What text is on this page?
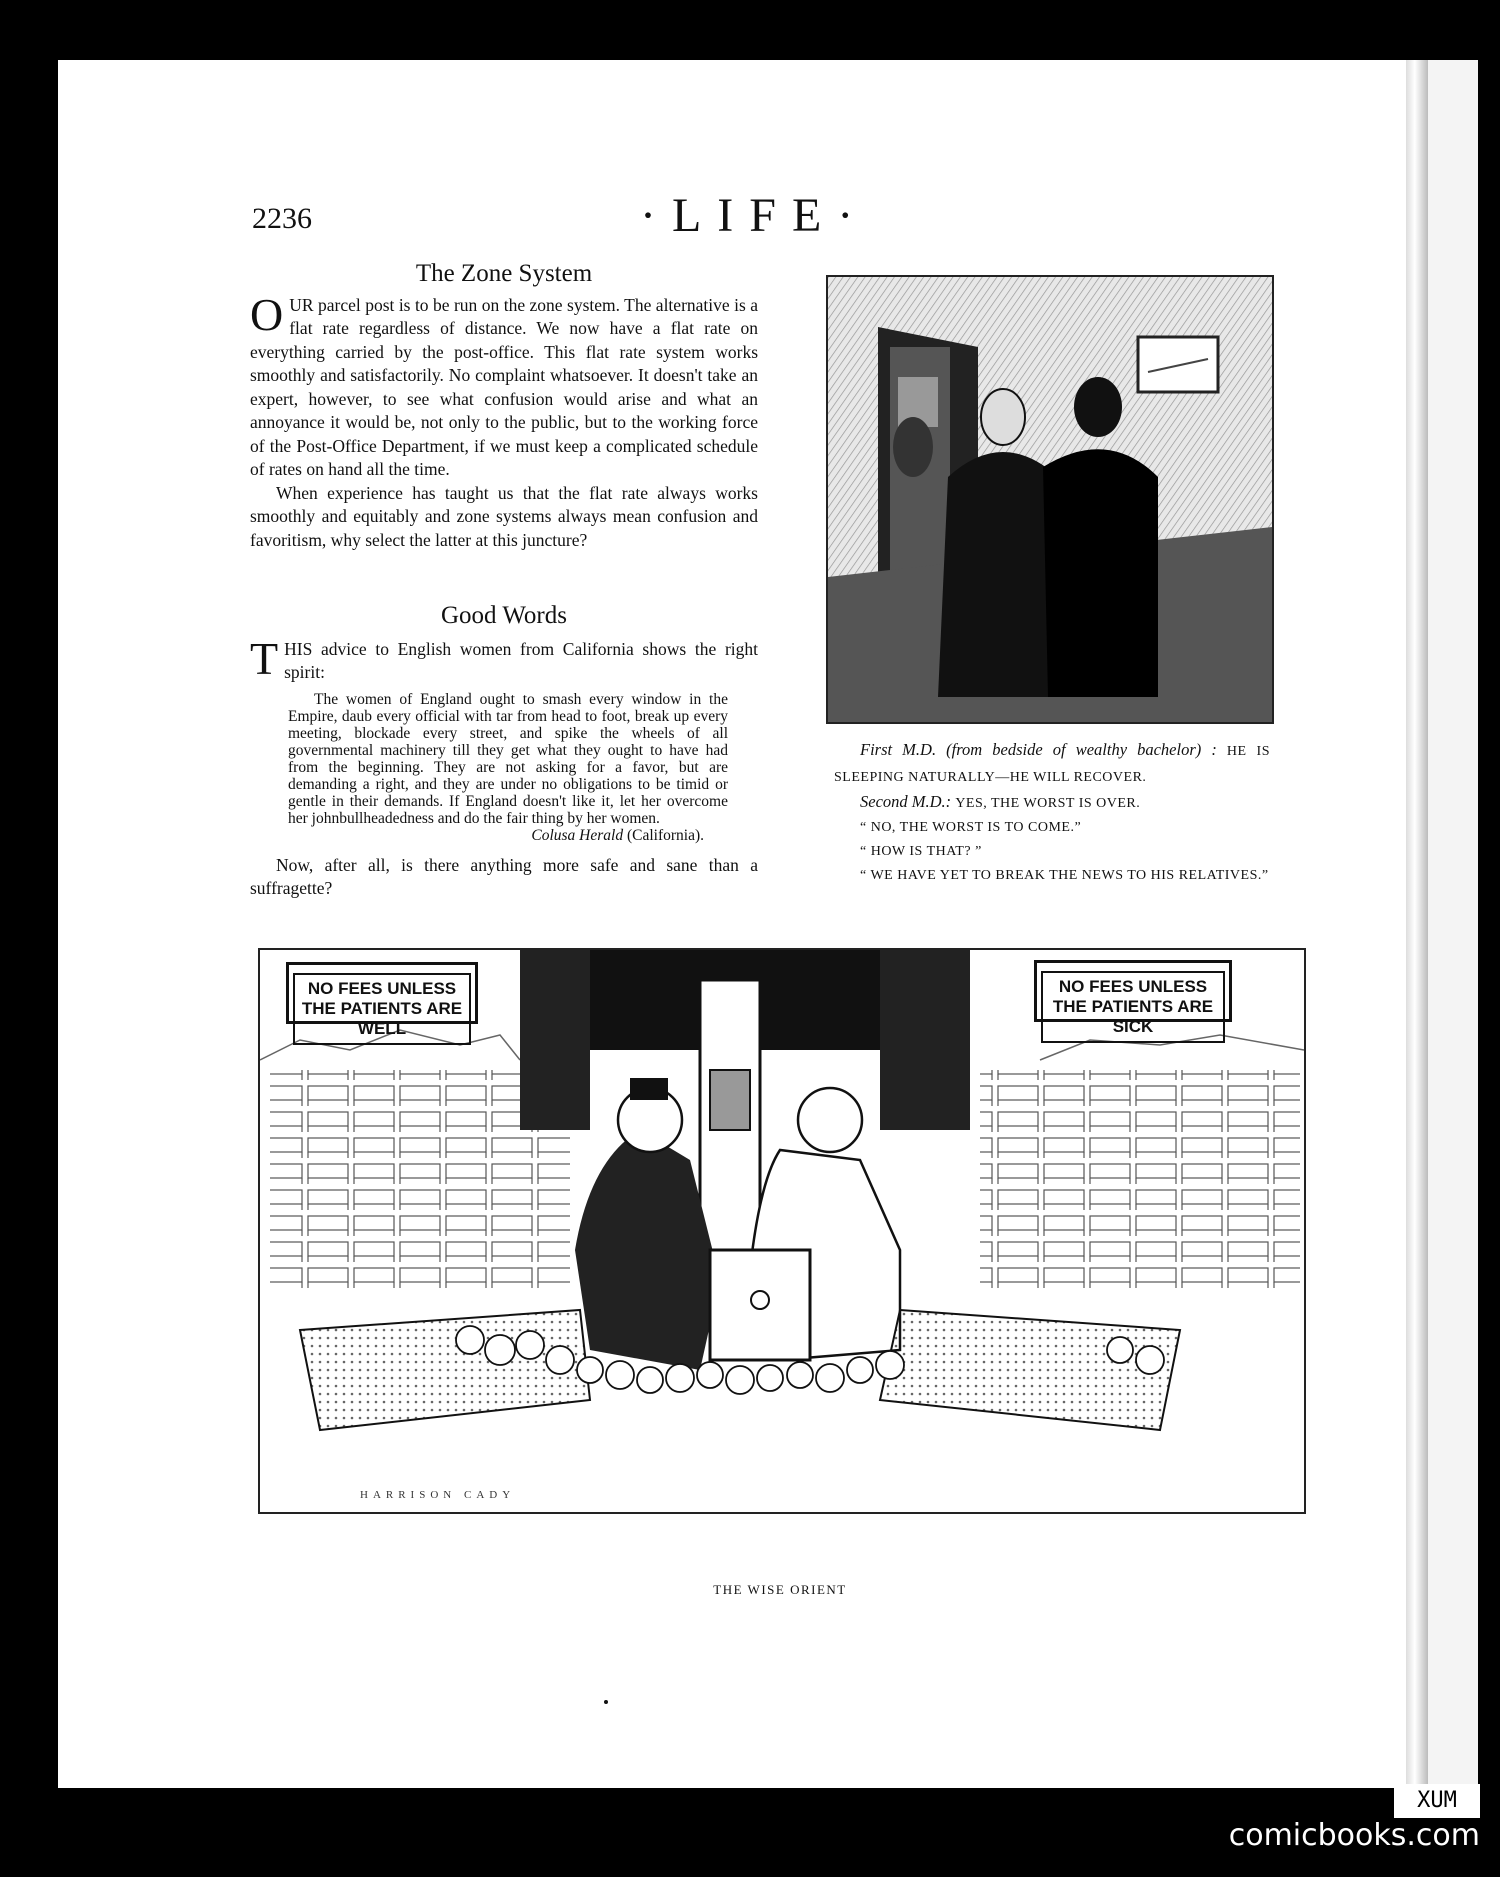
2236	·LIFE·
The Zone System

OUR parcel post is to be run on the zone system. The alternative is a flat rate regardless of distance. We now have a flat rate on everything carried by the post-office. This flat rate system works smoothly and satisfactorily. No complaint whatsoever. It doesn't take an expert, however, to see what confusion would arise and what an annoyance it would be, not only to the public, but to the working force of the Post-Office Department, if we must keep a complicated schedule of rates on hand all the time.

When experience has taught us that the flat rate always works smoothly and equitably and zone systems always mean confusion and favoritism, why select the latter at this juncture?

Good Words

THIS advice to English women from California shows the right spirit:

The women of England ought to smash every window in the Empire, daub every official with tar from head to foot, break up every meeting, blockade every street, and spike the wheels of all governmental machinery till they get what they ought to have had from the beginning. They are not asking for a favor, but are demanding a right, and they are under no obligations to be timid or gentle in their demands. If England doesn't like it, let her overcome her johnbullheadedness and do the fair thing by her women.
Colusa Herald (California).

Now, after all, is there anything more safe and sane than a suffragette?

First M.D. (from bedside of wealthy bachelor) : HE IS SLEEPING NATURALLY—HE WILL RECOVER.
Second M.D.: YES, THE WORST IS OVER.
“ NO, THE WORST IS TO COME.”
“ HOW IS THAT? ”
“ WE HAVE YET TO BREAK THE NEWS TO HIS RELATIVES.”
HARRISON CADY
NO FEES UNLESS THE PATIENTS ARE WELL
NO FEES UNLESS THE PATIENTS ARE SICK
THE WISE ORIENT
XUM
comicbooks.com
